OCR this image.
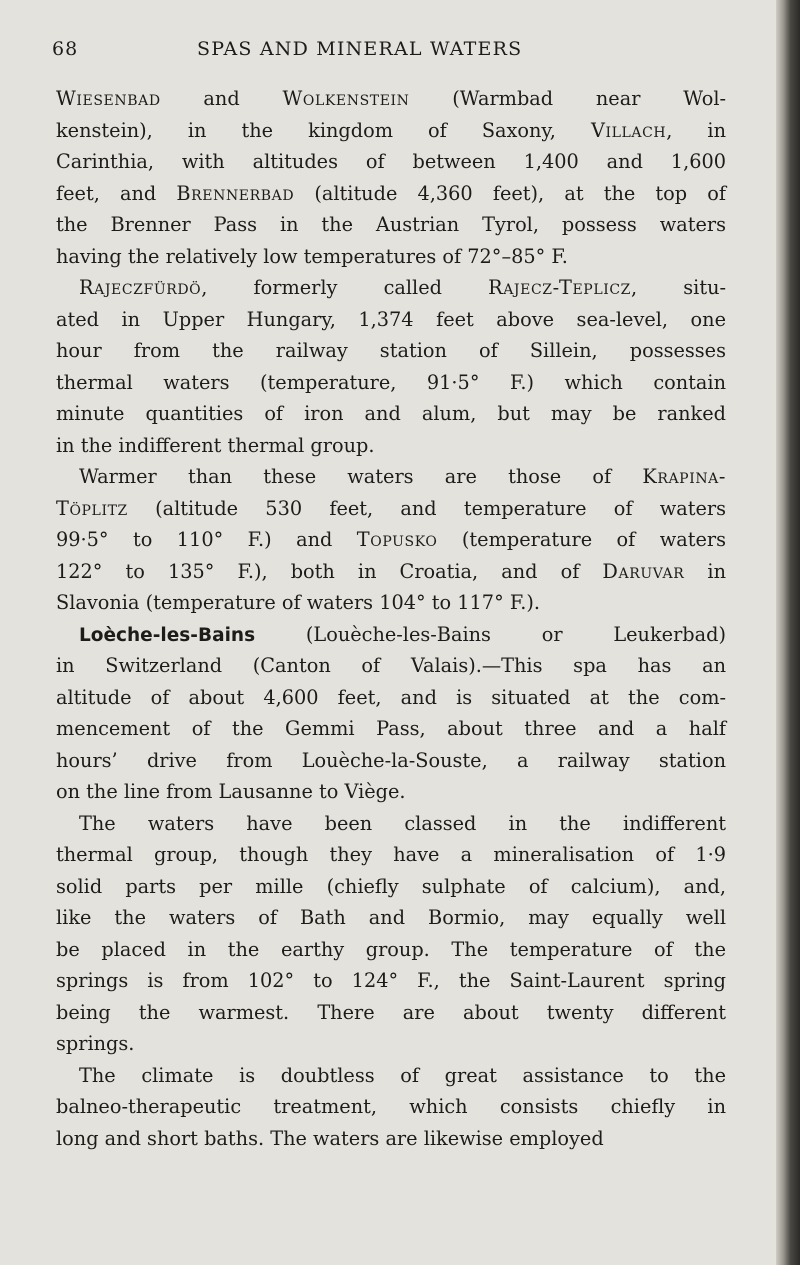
68	SPAS AND MINERAL WATERS
Wiesenbad and Wolkenstein (Warmbad near Wol-
kenstein), in the kingdom of Saxony, Villach, in
Carinthia, with altitudes of between 1,400 and 1,600
feet, and Brennerbad (altitude 4,360 feet), at the top of
the Brenner Pass in the Austrian Tyrol, possess waters
having the relatively low temperatures of 72°–85° F.
Rajeczfürdö, formerly called Rajecz-Teplicz, situ-
ated in Upper Hungary, 1,374 feet above sea-level, one
hour from the railway station of Sillein, possesses
thermal waters (temperature, 91·5° F.) which contain
minute quantities of iron and alum, but may be ranked
in the indifferent thermal group.
Warmer than these waters are those of Krapina-
Töplitz (altitude 530 feet, and temperature of waters
99·5° to 110° F.) and Topusko (temperature of waters
122° to 135° F.), both in Croatia, and of Daruvar in
Slavonia (temperature of waters 104° to 117° F.).
Loèche-les-Bains (Louèche-les-Bains or Leukerbad)
in Switzerland (Canton of Valais).—This spa has an
altitude of about 4,600 feet, and is situated at the com-
mencement of the Gemmi Pass, about three and a half
hours’ drive from Louèche-la-Souste, a railway station
on the line from Lausanne to Viège.
The waters have been classed in the indifferent
thermal group, though they have a mineralisation of 1·9
solid parts per mille (chiefly sulphate of calcium), and,
like the waters of Bath and Bormio, may equally well
be placed in the earthy group. The temperature of the
springs is from 102° to 124° F., the Saint-Laurent spring
being the warmest. There are about twenty different
springs.
The climate is doubtless of great assistance to the
balneo-therapeutic treatment, which consists chiefly in
long and short baths. The waters are likewise employed
